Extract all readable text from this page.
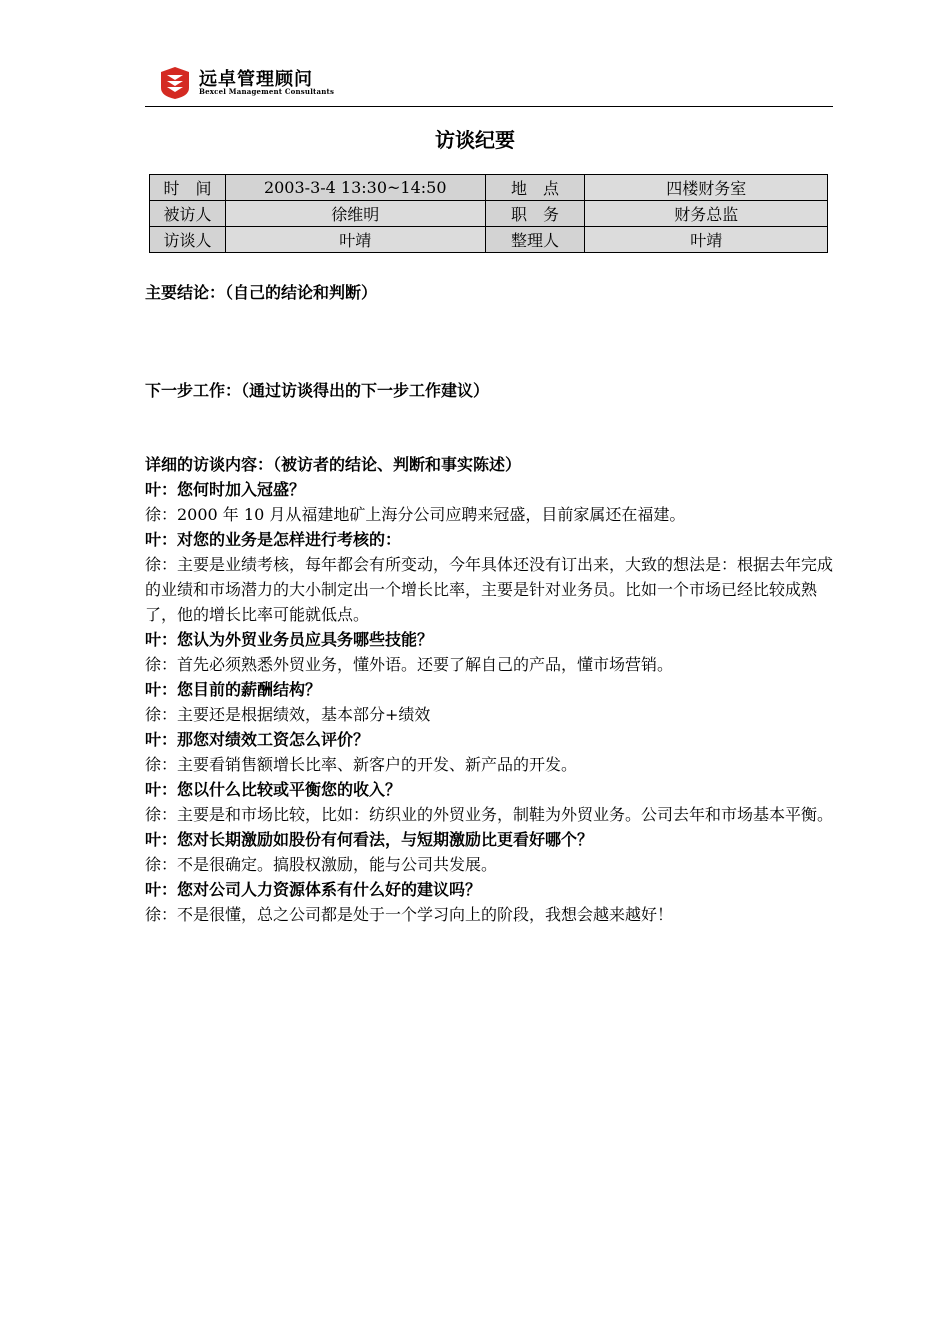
远卓管理顾问
Bexcel Management Consultants
访谈纪要
时　间	2003-3-4 13:30~14:50	地　点	四楼财务室
被访人	徐维明	职　务	财务总监
访谈人	叶靖	整理人	叶靖
主要结论：（自己的结论和判断）
下一步工作：（通过访谈得出的下一步工作建议）
详细的访谈内容：（被访者的结论、判断和事实陈述）
叶：您何时加入冠盛？
徐：2000 年 10 月从福建地矿上海分公司应聘来冠盛，目前家属还在福建。
叶：对您的业务是怎样进行考核的：
徐：主要是业绩考核，每年都会有所变动，今年具体还没有订出来，大致的想法是：根据去年完成的业绩和市场潜力的大小制定出一个增长比率，主要是针对业务员。比如一个市场已经比较成熟了，他的增长比率可能就低点。
叶：您认为外贸业务员应具务哪些技能？
徐：首先必须熟悉外贸业务，懂外语。还要了解自己的产品，懂市场营销。
叶：您目前的薪酬结构？
徐：主要还是根据绩效，基本部分+绩效
叶：那您对绩效工资怎么评价？
徐：主要看销售额增长比率、新客户的开发、新产品的开发。
叶：您以什么比较或平衡您的收入？
徐：主要是和市场比较，比如：纺织业的外贸业务，制鞋为外贸业务。公司去年和市场基本平衡。
叶：您对长期激励如股份有何看法，与短期激励比更看好哪个？
徐：不是很确定。搞股权激励，能与公司共发展。
叶：您对公司人力资源体系有什么好的建议吗？
徐：不是很懂，总之公司都是处于一个学习向上的阶段，我想会越来越好！
